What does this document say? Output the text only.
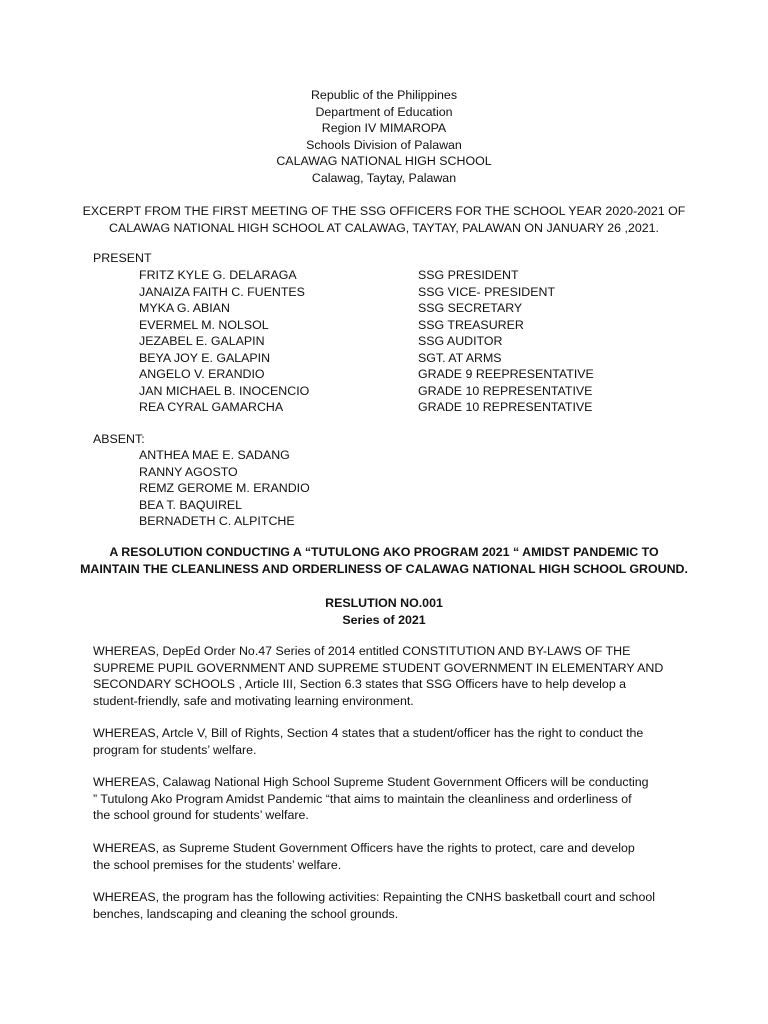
Republic of the Philippines
Department of Education
Region IV MIMAROPA
Schools Division of Palawan
CALAWAG NATIONAL HIGH SCHOOL
Calawag, Taytay, Palawan
EXCERPT FROM THE FIRST MEETING OF THE SSG OFFICERS FOR THE SCHOOL YEAR 2020-2021 OF
CALAWAG NATIONAL HIGH SCHOOL AT CALAWAG, TAYTAY, PALAWAN ON JANUARY 26 ,2021.
PRESENT
FRITZ KYLE G. DELARAGA	SSG PRESIDENT
JANAIZA FAITH C. FUENTES	SSG VICE- PRESIDENT
MYKA G. ABIAN	SSG SECRETARY
EVERMEL M. NOLSOL	SSG TREASURER
JEZABEL E. GALAPIN	SSG AUDITOR
BEYA JOY E. GALAPIN	SGT. AT ARMS
ANGELO V. ERANDIO	GRADE 9 REEPRESENTATIVE
JAN MICHAEL B. INOCENCIO	GRADE 10 REPRESENTATIVE
REA CYRAL GAMARCHA	GRADE 10 REPRESENTATIVE
ABSENT:
ANTHEA MAE E. SADANG
RANNY AGOSTO
REMZ GEROME M. ERANDIO
BEA T. BAQUIREL
BERNADETH C. ALPITCHE
A RESOLUTION CONDUCTING A “TUTULONG AKO PROGRAM 2021 “ AMIDST PANDEMIC TO
MAINTAIN THE CLEANLINESS AND ORDERLINESS OF CALAWAG NATIONAL HIGH SCHOOL GROUND.
RESLUTION NO.001
Series of 2021
WHEREAS, DepEd Order No.47 Series of 2014 entitled CONSTITUTION AND BY-LAWS OF THE
SUPREME PUPIL GOVERNMENT AND SUPREME STUDENT GOVERNMENT IN ELEMENTARY AND
SECONDARY SCHOOLS , Article III, Section 6.3 states that SSG Officers have to help develop a
student-friendly, safe and motivating learning environment.
WHEREAS, Artcle V, Bill of Rights, Section 4 states that a student/officer has the right to conduct the
program for students’ welfare.
WHEREAS, Calawag National High School Supreme Student Government Officers will be conducting
” Tutulong Ako Program Amidst Pandemic “that aims to maintain the cleanliness and orderliness of
the school ground for students’ welfare.
WHEREAS, as Supreme Student Government Officers have the rights to protect, care and develop
the school premises for the students’ welfare.
WHEREAS, the program has the following activities: Repainting the CNHS basketball court and school
benches, landscaping and cleaning the school grounds.
